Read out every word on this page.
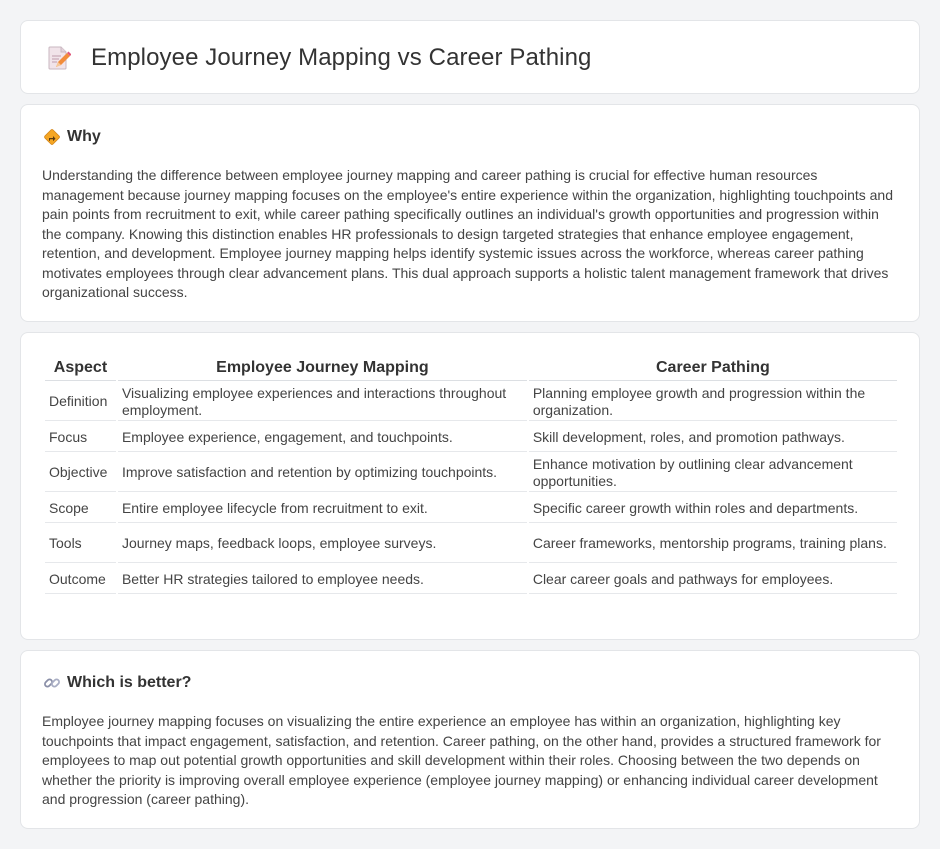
Employee Journey Mapping vs Career Pathing
Why

Understanding the difference between employee journey mapping and career pathing is crucial for effective human resources management because journey mapping focuses on the employee's entire experience within the organization, highlighting touchpoints and pain points from recruitment to exit, while career pathing specifically outlines an individual's growth opportunities and progression within the company. Knowing this distinction enables HR professionals to design targeted strategies that enhance employee engagement, retention, and development. Employee journey mapping helps identify systemic issues across the workforce, whereas career pathing motivates employees through clear advancement plans. This dual approach supports a holistic talent management framework that drives organizational success.

Aspect	Employee Journey Mapping	Career Pathing
Definition	Visualizing employee experiences and interactions throughout employment.	Planning employee growth and progression within the organization.
Focus	Employee experience, engagement, and touchpoints.	Skill development, roles, and promotion pathways.
Objective	Improve satisfaction and retention by optimizing touchpoints.	Enhance motivation by outlining clear advancement opportunities.
Scope	Entire employee lifecycle from recruitment to exit.	Specific career growth within roles and departments.
Tools	Journey maps, feedback loops, employee surveys.	Career frameworks, mentorship programs, training plans.
Outcome	Better HR strategies tailored to employee needs.	Clear career goals and pathways for employees.
Which is better?

Employee journey mapping focuses on visualizing the entire experience an employee has within an organization, highlighting key touchpoints that impact engagement, satisfaction, and retention. Career pathing, on the other hand, provides a structured framework for employees to map out potential growth opportunities and skill development within their roles. Choosing between the two depends on whether the priority is improving overall employee experience (employee journey mapping) or enhancing individual career development and progression (career pathing).
